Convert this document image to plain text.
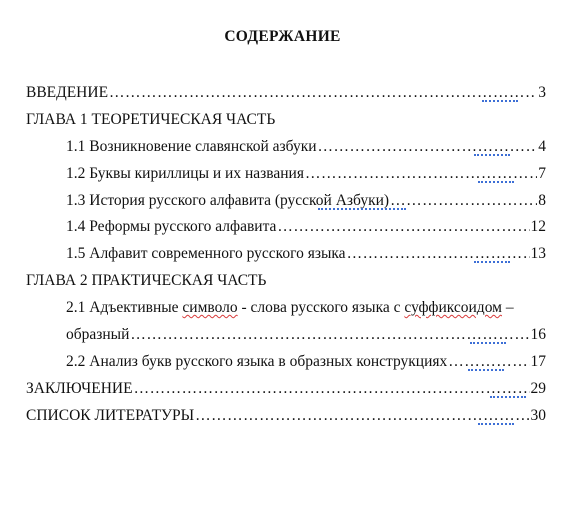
СОДЕРЖАНИЕ
ВВЕДЕНИЕ ………………………………………………………………………………………………………………………………………………………	3
ГЛАВА 1 ТЕОРЕТИЧЕСКАЯ ЧАСТЬ
1.1 Возникновение славянской азбуки ………………………………………………………………………………………………………………………………………………………	4
1.2 Буквы кириллицы и их названия ………………………………………………………………………………………………………………………………………………………	7
1.3 История русского алфавита (русской Азбуки) ………………………………………………………………………………………………………………………………………………………	8
1.4 Реформы русского алфавита ………………………………………………………………………………………………………………………………………………………	12
1.5 Алфавит современного русского языка ………………………………………………………………………………………………………………………………………………………	13
ГЛАВА 2 ПРАКТИЧЕСКАЯ ЧАСТЬ
2.1 Адъективные символо - слова русского языка с суффиксоидом –
образный ………………………………………………………………………………………………………………………………………………………	16
2.2 Анализ букв русского языка в образных конструкциях ………………………………………………………………………………………………………………………………………………………	17
ЗАКЛЮЧЕНИЕ ………………………………………………………………………………………………………………………………………………………	29
СПИСОК ЛИТЕРАТУРЫ ………………………………………………………………………………………………………………………………………………………	30
